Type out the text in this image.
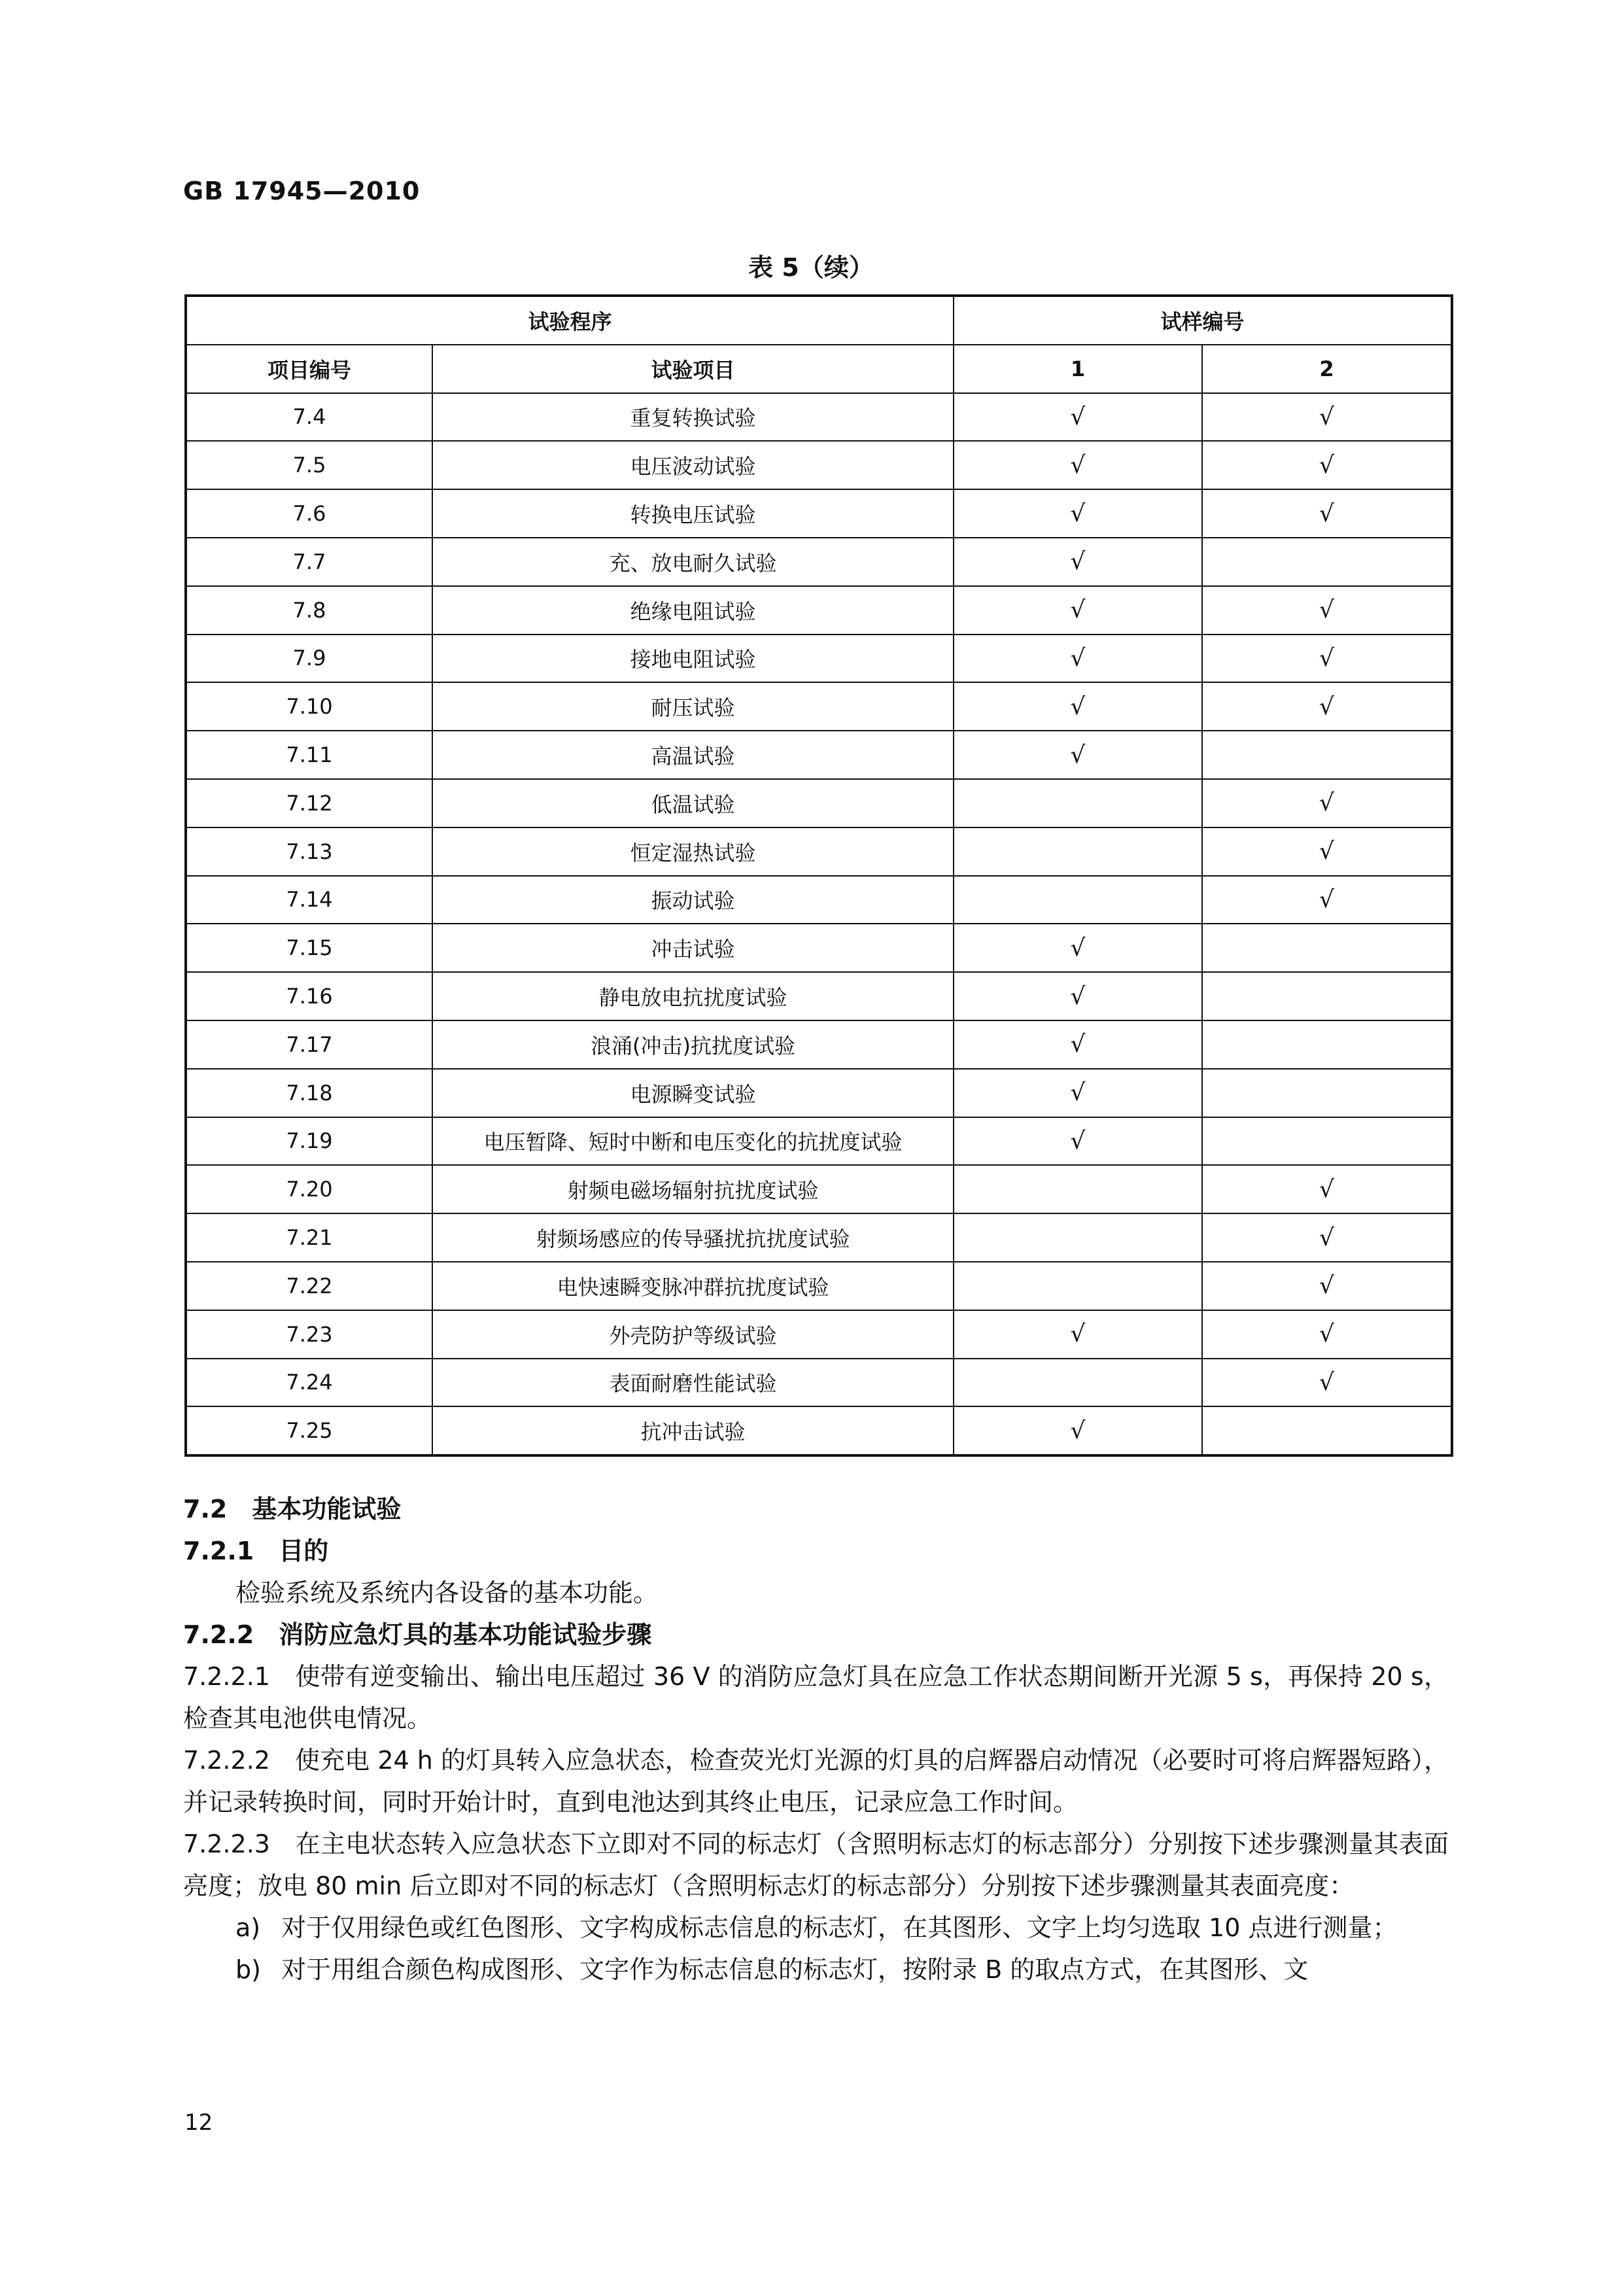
GB 17945—2010
表 5（续）
试验程序		试样编号	
项目编号	试验项目	1	2
7.4	重复转换试验	√	√
7.5	电压波动试验	√	√
7.6	转换电压试验	√	√
7.7	充、放电耐久试验	√	
7.8	绝缘电阻试验	√	√
7.9	接地电阻试验	√	√
7.10	耐压试验	√	√
7.11	高温试验	√	
7.12	低温试验		√
7.13	恒定湿热试验		√
7.14	振动试验		√
7.15	冲击试验	√	
7.16	静电放电抗扰度试验	√	
7.17	浪涌(冲击)抗扰度试验	√	
7.18	电源瞬变试验	√	
7.19	电压暂降、短时中断和电压变化的抗扰度试验	√	
7.20	射频电磁场辐射抗扰度试验		√
7.21	射频场感应的传导骚扰抗扰度试验		√
7.22	电快速瞬变脉冲群抗扰度试验		√
7.23	外壳防护等级试验	√	√
7.24	表面耐磨性能试验		√
7.25	抗冲击试验	√	
7.2　基本功能试验
7.2.1　目的
检验系统及系统内各设备的基本功能。
7.2.2　消防应急灯具的基本功能试验步骤
7.2.2.1　使带有逆变输出、输出电压超过 36 V 的消防应急灯具在应急工作状态期间断开光源 5 s，再保持 20 s，检查其电池供电情况。
7.2.2.2　使充电 24 h 的灯具转入应急状态，检查荧光灯光源的灯具的启辉器启动情况（必要时可将启辉器短路），并记录转换时间，同时开始计时，直到电池达到其终止电压，记录应急工作时间。
7.2.2.3　在主电状态转入应急状态下立即对不同的标志灯（含照明标志灯的标志部分）分别按下述步骤测量其表面亮度；放电 80 min 后立即对不同的标志灯（含照明标志灯的标志部分）分别按下述步骤测量其表面亮度：
a) 对于仅用绿色或红色图形、文字构成标志信息的标志灯，在其图形、文字上均匀选取 10 点进行测量；
b) 对于用组合颜色构成图形、文字作为标志信息的标志灯，按附录 B 的取点方式，在其图形、文
12
